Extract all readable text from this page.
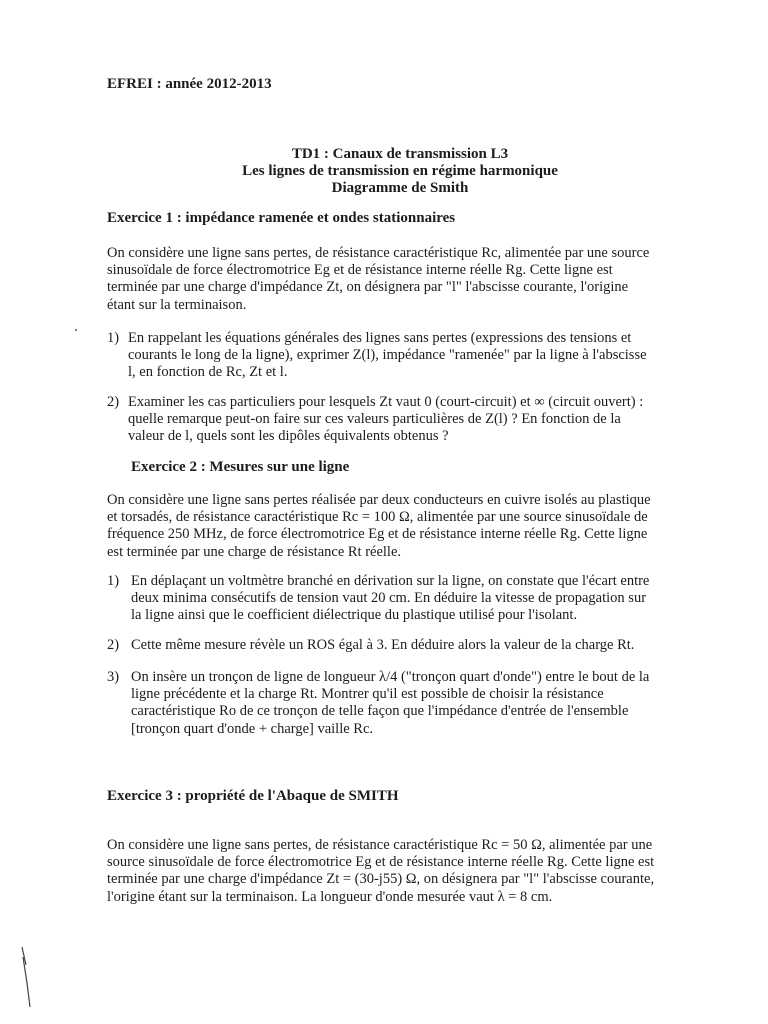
EFREI : année 2012-2013
TD1 : Canaux de transmission L3
Les lignes de transmission en régime harmonique
Diagramme de Smith
Exercice 1 : impédance ramenée et ondes stationnaires
On considère une ligne sans pertes, de résistance caractéristique Rc, alimentée par une source
sinusoïdale de force électromotrice Eg et de résistance interne réelle Rg. Cette ligne est
terminée par une charge d'impédance Zt, on désignera par "l" l'abscisse courante, l'origine
étant sur la terminaison.
1) En rappelant les équations générales des lignes sans pertes (expressions des tensions et
courants le long de la ligne), exprimer Z(l), impédance "ramenée" par la ligne à l'abscisse
l, en fonction de Rc, Zt et l.
2) Examiner les cas particuliers pour lesquels Zt vaut 0 (court-circuit) et ∞ (circuit ouvert) :
quelle remarque peut-on faire sur ces valeurs particulières de Z(l) ? En fonction de la
valeur de l, quels sont les dipôles équivalents obtenus ?
Exercice 2 : Mesures sur une ligne
On considère une ligne sans pertes réalisée par deux conducteurs en cuivre isolés au plastique
et torsadés, de résistance caractéristique Rc = 100 Ω, alimentée par une source sinusoïdale de
fréquence 250 MHz, de force électromotrice Eg et de résistance interne réelle Rg. Cette ligne
est terminée par une charge de résistance Rt réelle.
1) En déplaçant un voltmètre branché en dérivation sur la ligne, on constate que l'écart entre
deux minima consécutifs de tension vaut 20 cm. En déduire la vitesse de propagation sur
la ligne ainsi que le coefficient diélectrique du plastique utilisé pour l'isolant.
2) Cette même mesure révèle un ROS égal à 3. En déduire alors la valeur de la charge Rt.
3) On insère un tronçon de ligne de longueur λ/4 ("tronçon quart d'onde") entre le bout de la
ligne précédente et la charge Rt. Montrer qu'il est possible de choisir la résistance
caractéristique Ro de ce tronçon de telle façon que l'impédance d'entrée de l'ensemble
[tronçon quart d'onde + charge] vaille Rc.
Exercice 3 : propriété de l'Abaque de SMITH
On considère une ligne sans pertes, de résistance caractéristique Rc = 50 Ω, alimentée par une
source sinusoïdale de force électromotrice Eg et de résistance interne réelle Rg. Cette ligne est
terminée par une charge d'impédance Zt = (30-j55) Ω, on désignera par "l" l'abscisse courante,
l'origine étant sur la terminaison. La longueur d'onde mesurée vaut λ = 8 cm.
